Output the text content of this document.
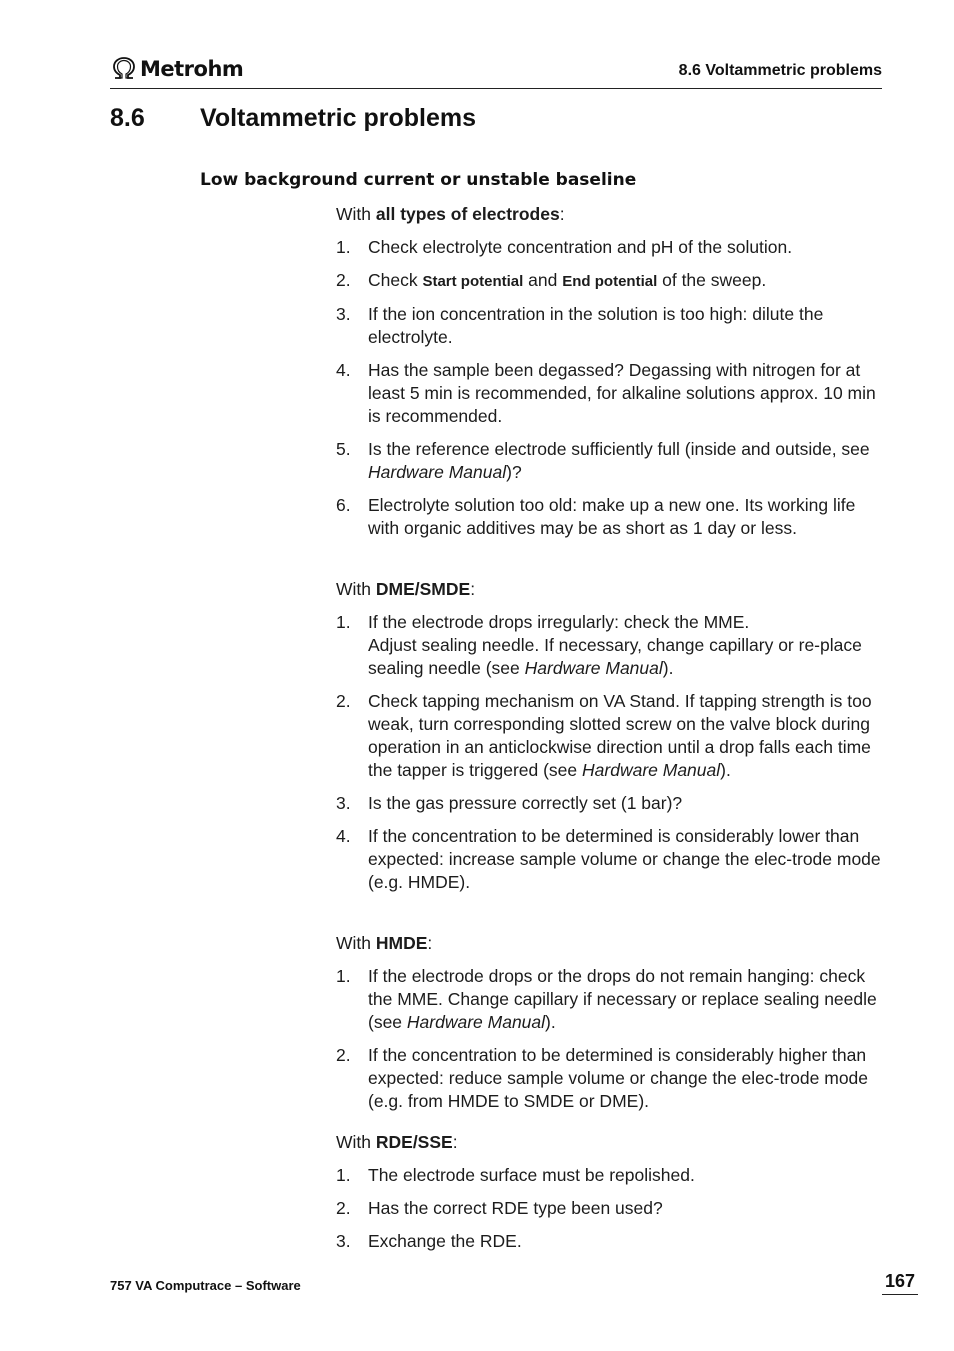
Metrohm	8.6 Voltammetric problems
8.6 Voltammetric problems
Low background current or unstable baseline

With all types of electrodes:

1. Check electrolyte concentration and pH of the solution.
2. Check Start potential and End potential of the sweep.
3. If the ion concentration in the solution is too high: dilute the electrolyte.
4. Has the sample been degassed? Degassing with nitrogen for at least 5 min is recommended, for alkaline solutions approx. 10 min is recommended.
5. Is the reference electrode sufficiently full (inside and outside, see Hardware Manual)?
6. Electrolyte solution too old: make up a new one. Its working life with organic additives may be as short as 1 day or less.

With DME/SMDE:

1. If the electrode drops irregularly: check the MME.
Adjust sealing needle. If necessary, change capillary or re-place sealing needle (see Hardware Manual).
2. Check tapping mechanism on VA Stand. If tapping strength is too weak, turn corresponding slotted screw on the valve block during operation in an anticlockwise direction until a drop falls each time the tapper is triggered (see Hardware Manual).
3. Is the gas pressure correctly set (1 bar)?
4. If the concentration to be determined is considerably lower than expected: increase sample volume or change the elec-trode mode (e.g. HMDE).

With HMDE:

1. If the electrode drops or the drops do not remain hanging: check the MME. Change capillary if necessary or replace sealing needle (see Hardware Manual).
2. If the concentration to be determined is considerably higher than expected: reduce sample volume or change the elec-trode mode (e.g. from HMDE to SMDE or DME).

With RDE/SSE:

1. The electrode surface must be repolished.
2. Has the correct RDE type been used?
3. Exchange the RDE.
757 VA Computrace – Software	167
